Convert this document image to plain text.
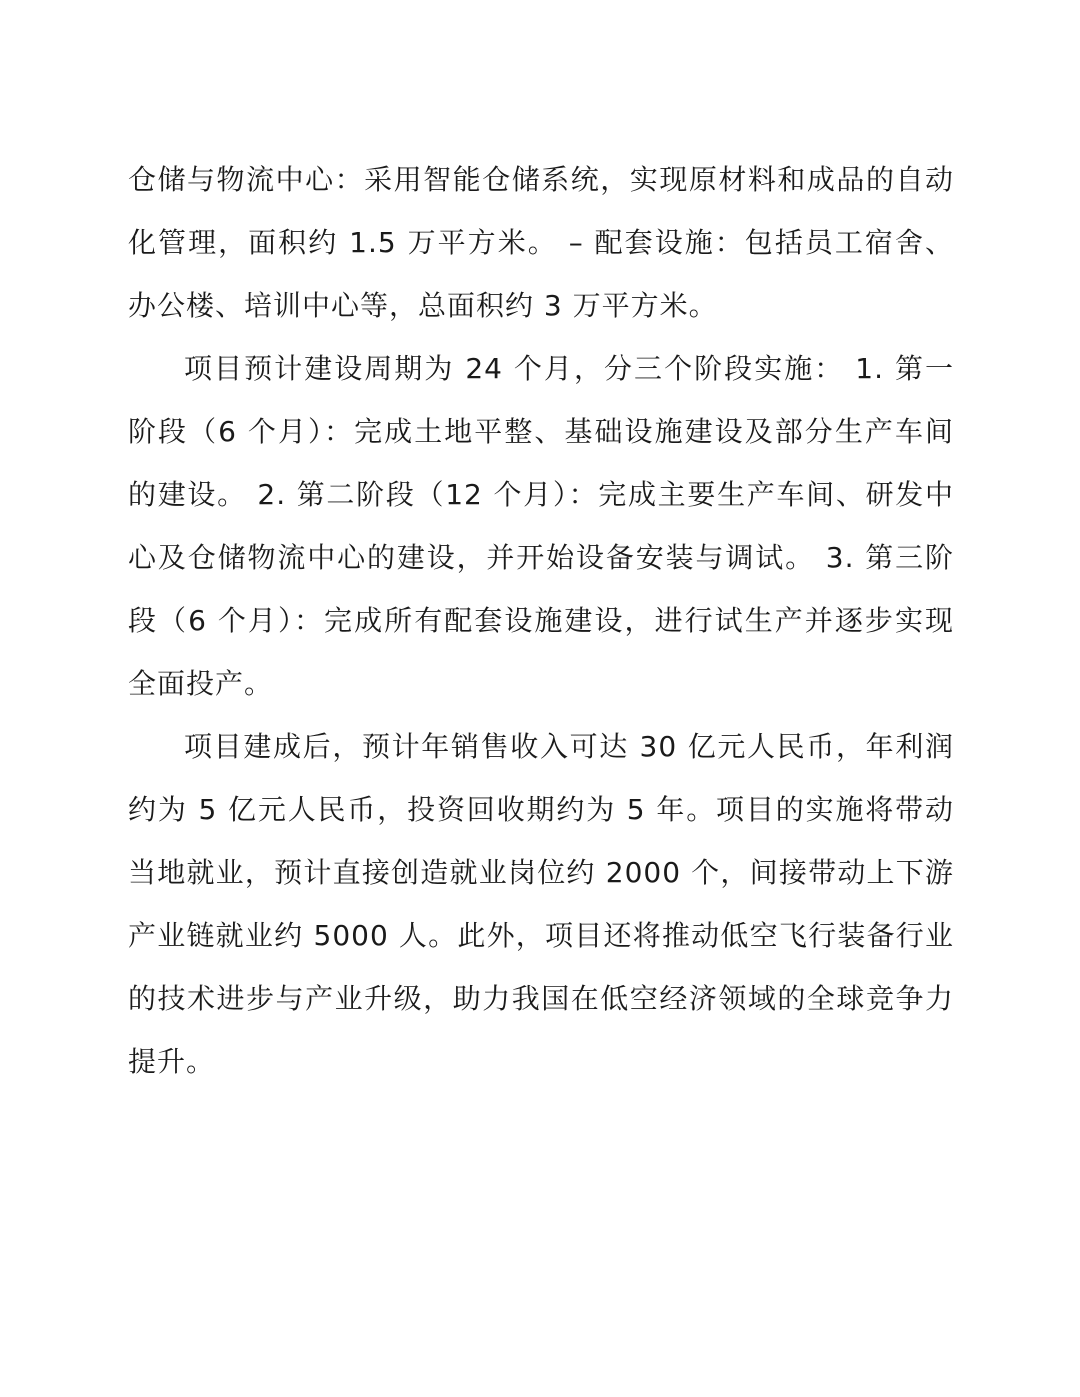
仓储与物流中心：采用智能仓储系统，实现原材料和成品的自动化管理，面积约 1.5 万平方米。 – 配套设施：包括员工宿舍、办公楼、培训中心等，总面积约 3 万平方米。

项目预计建设周期为 24 个月，分三个阶段实施： 1. 第一阶段（6 个月）：完成土地平整、基础设施建设及部分生产车间的建设。 2. 第二阶段（12 个月）：完成主要生产车间、研发中心及仓储物流中心的建设，并开始设备安装与调试。 3. 第三阶段（6 个月）：完成所有配套设施建设，进行试生产并逐步实现全面投产。

项目建成后，预计年销售收入可达 30 亿元人民币，年利润约为 5 亿元人民币，投资回收期约为 5 年。项目的实施将带动当地就业，预计直接创造就业岗位约 2000 个，间接带动上下游产业链就业约 5000 人。此外，项目还将推动低空飞行装备行业的技术进步与产业升级，助力我国在低空经济领域的全球竞争力提升。
